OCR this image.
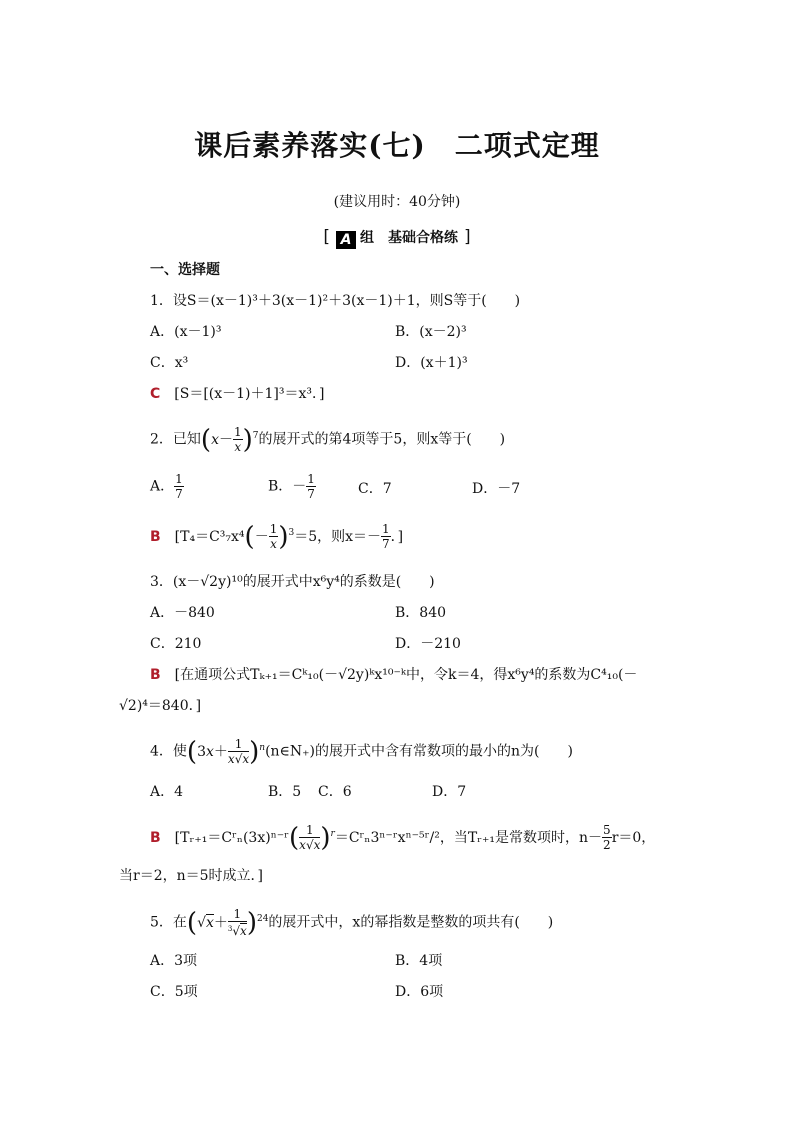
课后素养落实(七)　二项式定理
(建议用时：40分钟)
[ A 组 基础合格练 ]
一、选择题
1．设S＝(x－1)³＋3(x－1)²＋3(x－1)＋1，则S等于(　　)
A．(x－1)³	B．(x－2)³
C．x³	D．(x＋1)³
C [S＝[(x－1)＋1]³＝x³．]
2．已知$(x- \frac{1}{x} )^7$的展开式的第4项等于5，则x等于(　　)
A． $\frac{1}{7}$	B．－ $\frac{1}{7}$	C．7	D．－7
B [$T_4=C^3_7x^4(- \frac{1}{x} )^3=5$，则$x=- \frac{1}{7}$ ．]
3．(x－√2y)¹⁰的展开式中x⁶y⁴的系数是(　　)
A．－840	B．840
C．210	D．－210
B [在通项公式Tₖ₊₁＝Cᵏ₁₀(－√2y)ᵏx¹⁰⁻ᵏ中，令k＝4，得x⁶y⁴的系数为C⁴₁₀(－
√2)⁴＝840．]
4．使($3x+ \frac{1}{x√x}$ )$^n(n\in N_+)$的展开式中含有常数项的最小的n为(　　)
A．4	B．5 C．6	D．7
B [Tᵣ₊₁＝Cʳₙ(3x)ⁿ⁻ʳ( $\frac{1}{x√x}$ )$^r$＝Cʳₙ3ⁿ⁻ʳxⁿ⁻⁵ʳ/²，当Tᵣ₊₁是常数项时，$n- \frac{5}{2} r=0$，
当r＝2，n＝5时成立．]
5．在$(√x+ \frac{1}{^3√x} )^{24}$的展开式中，x的幂指数是整数的项共有(　　)
A．3项	B．4项
C．5项	D．6项
